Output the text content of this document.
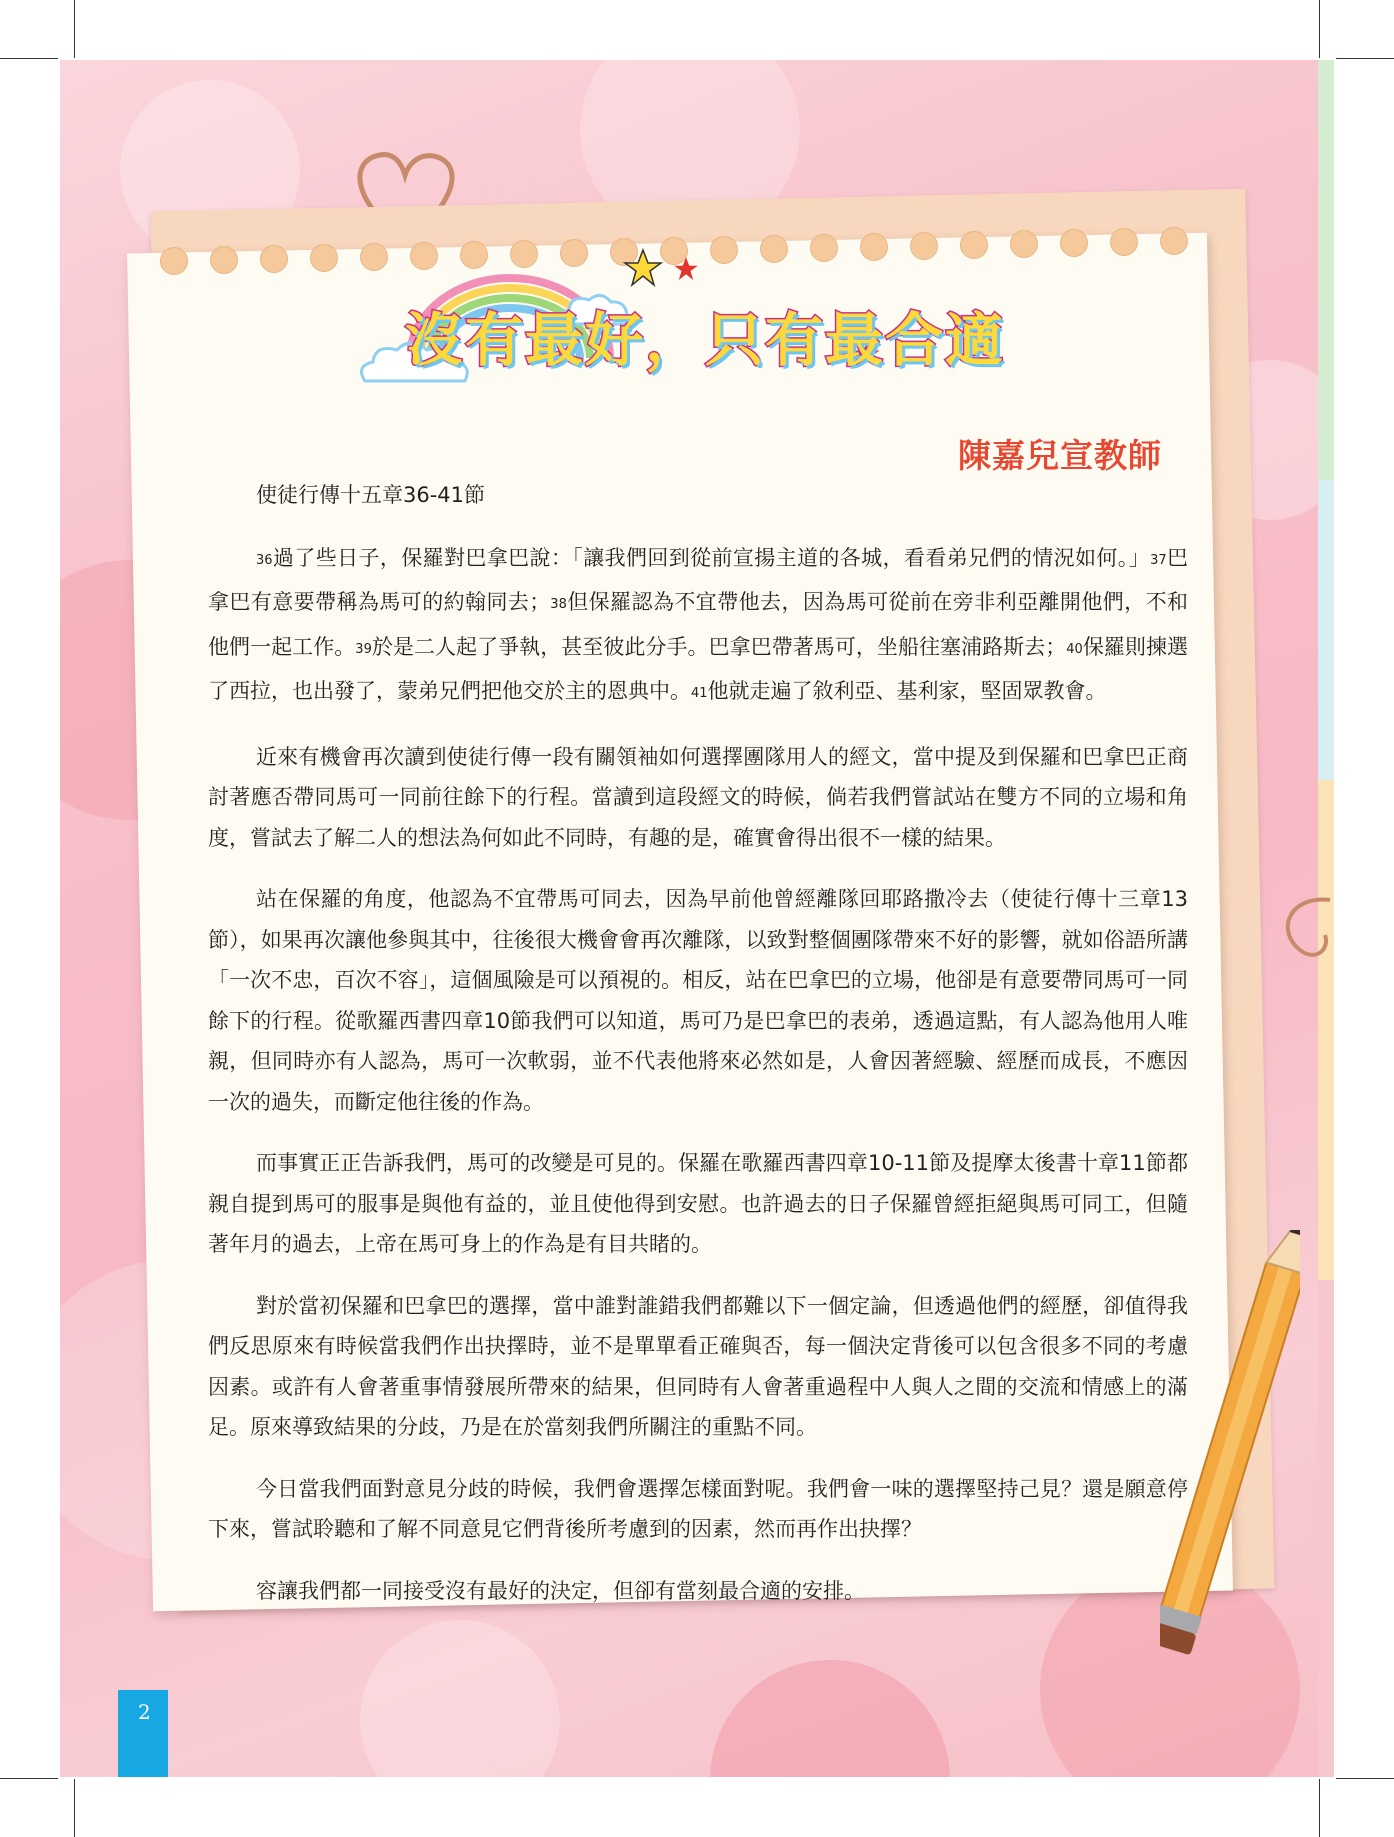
沒有最好，只有最合適
陳嘉兒宣教師

使徒行傳十五章36-41節

$^{36}$過了些日子，保羅對巴拿巴說：「讓我們回到從前宣揚主道的各城，看看弟兄們的情況如何。」$^{37}$巴拿巴有意要帶稱為馬可的約翰同去；$^{38}$但保羅認為不宜帶他去，因為馬可從前在旁非利亞離開他們，不和他們一起工作。$^{39}$於是二人起了爭執，甚至彼此分手。巴拿巴帶著馬可，坐船往塞浦路斯去；$^{40}$保羅則揀選了西拉，也出發了，蒙弟兄們把他交於主的恩典中。$^{41}$他就走遍了敘利亞、基利家，堅固眾教會。

近來有機會再次讀到使徒行傳一段有關領袖如何選擇團隊用人的經文，當中提及到保羅和巴拿巴正商討著應否帶同馬可一同前往餘下的行程。當讀到這段經文的時候，倘若我們嘗試站在雙方不同的立場和角度，嘗試去了解二人的想法為何如此不同時，有趣的是，確實會得出很不一樣的結果。

站在保羅的角度，他認為不宜帶馬可同去，因為早前他曾經離隊回耶路撒冷去（使徒行傳十三章13節），如果再次讓他參與其中，往後很大機會會再次離隊，以致對整個團隊帶來不好的影響，就如俗語所講「一次不忠，百次不容」，這個風險是可以預視的。相反，站在巴拿巴的立場，他卻是有意要帶同馬可一同餘下的行程。從歌羅西書四章10節我們可以知道，馬可乃是巴拿巴的表弟，透過這點，有人認為他用人唯親，但同時亦有人認為，馬可一次軟弱，並不代表他將來必然如是，人會因著經驗、經歷而成長，不應因一次的過失，而斷定他往後的作為。

而事實正正告訴我們，馬可的改變是可見的。保羅在歌羅西書四章10-11節及提摩太後書十章11節都親自提到馬可的服事是與他有益的，並且使他得到安慰。也許過去的日子保羅曾經拒絕與馬可同工，但隨著年月的過去，上帝在馬可身上的作為是有目共睹的。

對於當初保羅和巴拿巴的選擇，當中誰對誰錯我們都難以下一個定論，但透過他們的經歷，卻值得我們反思原來有時候當我們作出抉擇時，並不是單單看正確與否，每一個決定背後可以包含很多不同的考慮因素。或許有人會著重事情發展所帶來的結果，但同時有人會著重過程中人與人之間的交流和情感上的滿足。原來導致結果的分歧，乃是在於當刻我們所關注的重點不同。

今日當我們面對意見分歧的時候，我們會選擇怎樣面對呢。我們會一味的選擇堅持己見？還是願意停下來，嘗試聆聽和了解不同意見它們背後所考慮到的因素，然而再作出抉擇？

容讓我們都一同接受沒有最好的決定，但卻有當刻最合適的安排。

2
